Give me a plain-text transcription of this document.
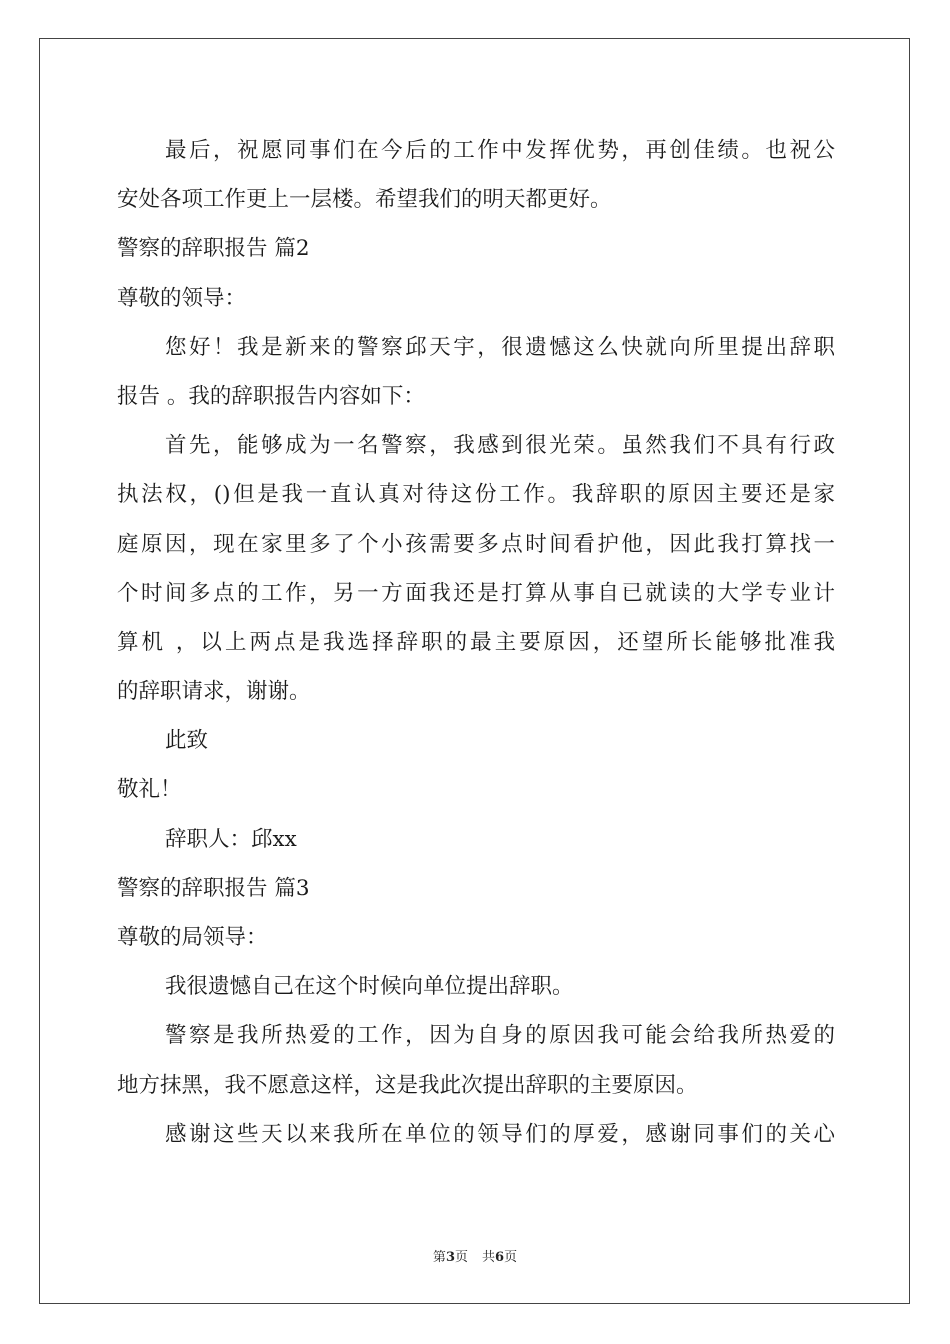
最后，祝愿同事们在今后的工作中发挥优势，再创佳绩。也祝公
安处各项工作更上一层楼。希望我们的明天都更好。
警察的辞职报告 篇2
尊敬的领导：
您好！我是新来的警察邱天宇，很遗憾这么快就向所里提出辞职
报告 。我的辞职报告内容如下：
首先，能够成为一名警察，我感到很光荣。虽然我们不具有行政
执法权，()但是我一直认真对待这份工作。我辞职的原因主要还是家
庭原因，现在家里多了个小孩需要多点时间看护他，因此我打算找一
个时间多点的工作，另一方面我还是打算从事自已就读的大学专业计
算机 ，以上两点是我选择辞职的最主要原因，还望所长能够批准我
的辞职请求，谢谢。
此致
敬礼！
辞职人：邱xx
警察的辞职报告 篇3
尊敬的局领导：
我很遗憾自己在这个时候向单位提出辞职。
警察是我所热爱的工作，因为自身的原因我可能会给我所热爱的
地方抹黑，我不愿意这样，这是我此次提出辞职的主要原因。
感谢这些天以来我所在单位的领导们的厚爱，感谢同事们的关心
第3页 共6页
